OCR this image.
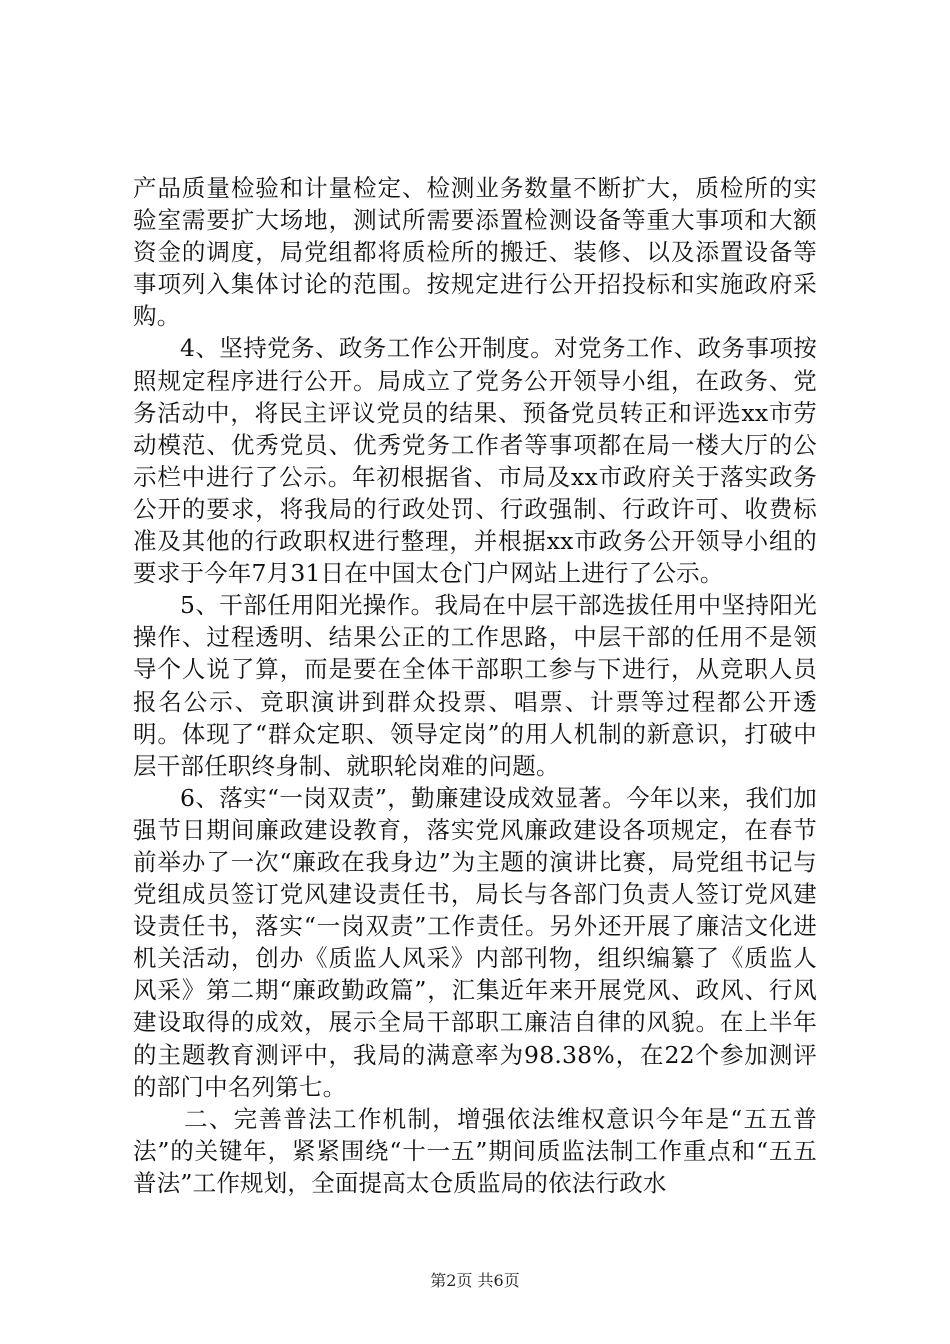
产品质量检验和计量检定、检测业务数量不断扩大，质检所的实验室需要扩大场地，测试所需要添置检测设备等重大事项和大额资金的调度，局党组都将质检所的搬迁、装修、以及添置设备等事项列入集体讨论的范围。按规定进行公开招投标和实施政府采购。

4、坚持党务、政务工作公开制度。对党务工作、政务事项按照规定程序进行公开。局成立了党务公开领导小组，在政务、党务活动中，将民主评议党员的结果、预备党员转正和评选xx市劳动模范、优秀党员、优秀党务工作者等事项都在局一楼大厅的公示栏中进行了公示。年初根据省、市局及xx市政府关于落实政务公开的要求，将我局的行政处罚、行政强制、行政许可、收费标准及其他的行政职权进行整理，并根据xx市政务公开领导小组的要求于今年7月31日在中国太仓门户网站上进行了公示。

5、干部任用阳光操作。我局在中层干部选拔任用中坚持阳光操作、过程透明、结果公正的工作思路，中层干部的任用不是领导个人说了算，而是要在全体干部职工参与下进行，从竞职人员报名公示、竞职演讲到群众投票、唱票、计票等过程都公开透明。体现了“群众定职、领导定岗”的用人机制的新意识，打破中层干部任职终身制、就职轮岗难的问题。

6、落实“一岗双责”，勤廉建设成效显著。今年以来，我们加强节日期间廉政建设教育，落实党风廉政建设各项规定，在春节前举办了一次“廉政在我身边”为主题的演讲比赛，局党组书记与党组成员签订党风建设责任书，局长与各部门负责人签订党风建设责任书，落实“一岗双责”工作责任。另外还开展了廉洁文化进机关活动，创办《质监人风采》内部刊物，组织编纂了《质监人风采》第二期“廉政勤政篇”，汇集近年来开展党风、政风、行风建设取得的成效，展示全局干部职工廉洁自律的风貌。在上半年的主题教育测评中，我局的满意率为98.38%，在22个参加测评的部门中名列第七。

二、完善普法工作机制，增强依法维权意识今年是“五五普法”的关键年，紧紧围绕“十一五”期间质监法制工作重点和“五五普法”工作规划，全面提高太仓质监局的依法行政水

第2页 共6页
